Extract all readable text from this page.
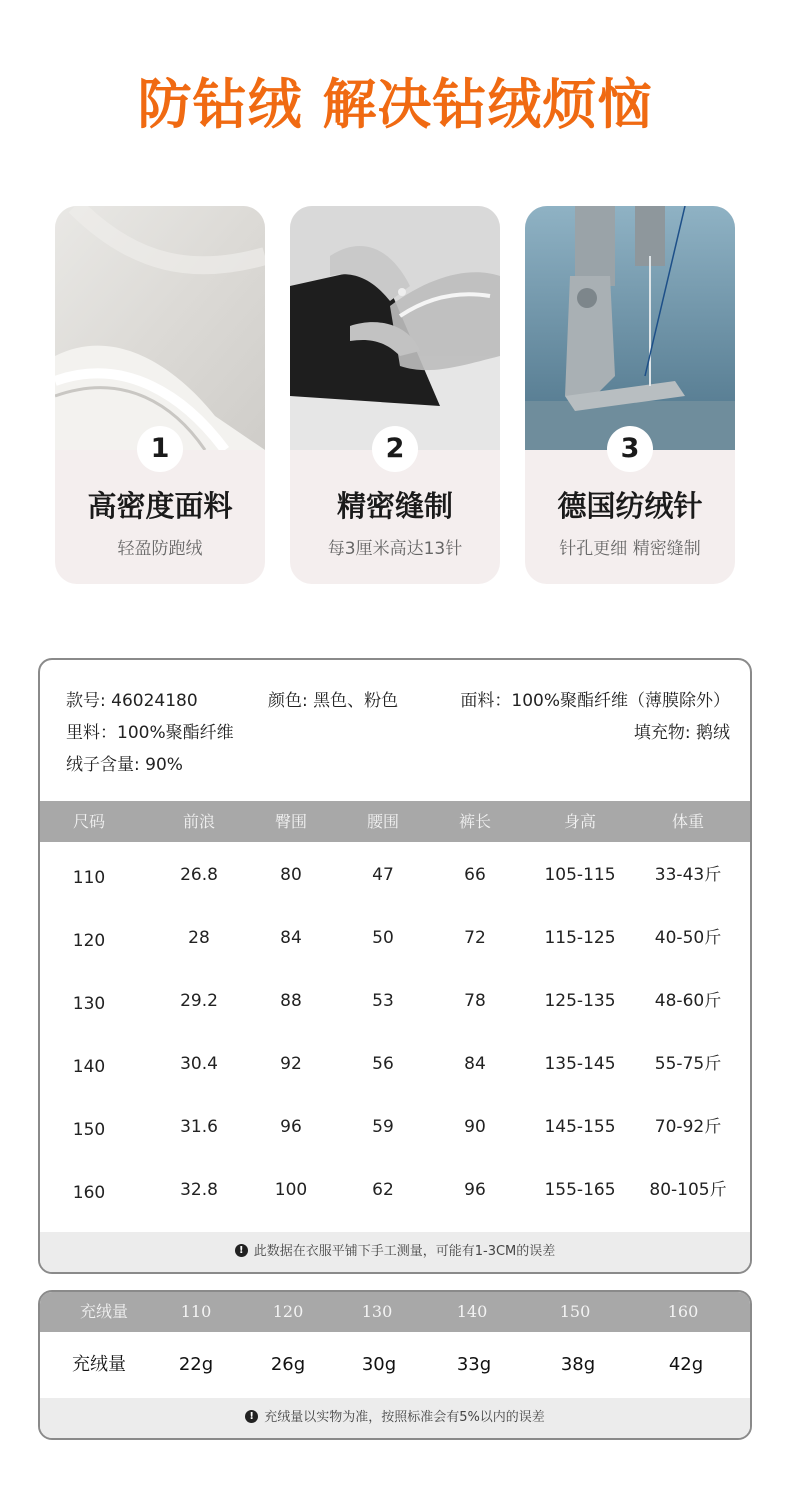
防钻绒 解决钻绒烦恼
1
高密度面料
轻盈防跑绒
2
精密缝制
每3厘米高达13针
3
德国纺绒针
针孔更细 精密缝制
款号: 46024180	颜色: 黑色、粉色	面料：100%聚酯纤维（薄膜除外）
里料：100%聚酯纤维	填充物: 鹅绒
绒子含量: 90%
尺码	前浪	臀围	腰围	裤长	身高	体重
110	26.8	80	47	66	105-115	33-43斤
120	28	84	50	72	115-125	40-50斤
130	29.2	88	53	78	125-135	48-60斤
140	30.4	92	56	84	135-145	55-75斤
150	31.6	96	59	90	145-155	70-92斤
160	32.8	100	62	96	155-165	80-105斤
! 此数据在衣服平铺下手工测量，可能有1-3CM的误差
充绒量	110	120	130	140	150	160
充绒量	22g	26g	30g	33g	38g	42g
! 充绒量以实物为准，按照标准会有5%以内的误差
